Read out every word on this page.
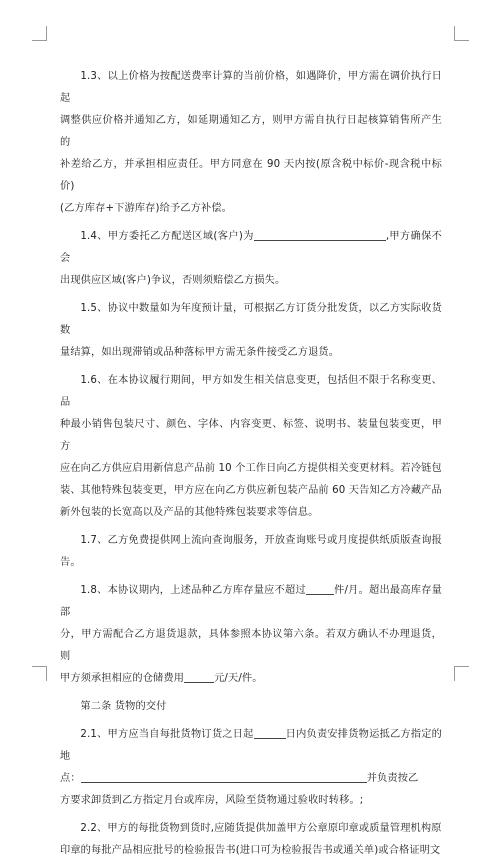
1.3、以上价格为按配送费率计算的当前价格，如遇降价，甲方需在调价执行日起
调整供应价格并通知乙方，如延期通知乙方，则甲方需自执行日起核算销售所产生的
补差给乙方，并承担相应责任。甲方同意在 90 天内按(原含税中标价-现含税中标价)
(乙方库存+下游库存)给予乙方补偿。
1.4、甲方委托乙方配送区域(客户)为	,甲方确保不会
出现供应区域(客户)争议，否则须赔偿乙方损失。
1.5、协议中数量如为年度预计量，可根据乙方订货分批发货，以乙方实际收货数
量结算，如出现滞销或品种落标甲方需无条件接受乙方退货。
1.6、在本协议履行期间，甲方如发生相关信息变更，包括但不限于名称变更、品
种最小销售包装尺寸、颜色、字体、内容变更、标签、说明书、装量包装变更，甲方
应在向乙方供应启用新信息产品前 10 个工作日向乙方提供相关变更材料。若冷链包
装、其他特殊包装变更，甲方应在向乙方供应新包装产品前 60 天告知乙方冷藏产品
新外包装的长宽高以及产品的其他特殊包装要求等信息。
1.7、乙方免费提供网上流向查询服务，开放查询账号或月度提供纸质版查询报告。
1.8、本协议期内，上述品种乙方库存量应不超过	件/月。超出最高库存量部
分，甲方需配合乙方退货退款，具体参照本协议第六条。若双方确认不办理退货，则
甲方须承担相应的仓储费用	元/天/件。
第二条 货物的交付
2.1、甲方应当自每批货物订货之日起	日内负责安排货物运抵乙方指定的地
点：	并负责按乙
方要求卸货到乙方指定月台或库房，风险至货物通过验收时转移。;
2.2、甲方的每批货物到货时,应随货提供加盖甲方公章原印章或质量管理机构原
印章的每批产品相应批号的检验报告书(进口可为检验报告书或通关单)或合格证明文
